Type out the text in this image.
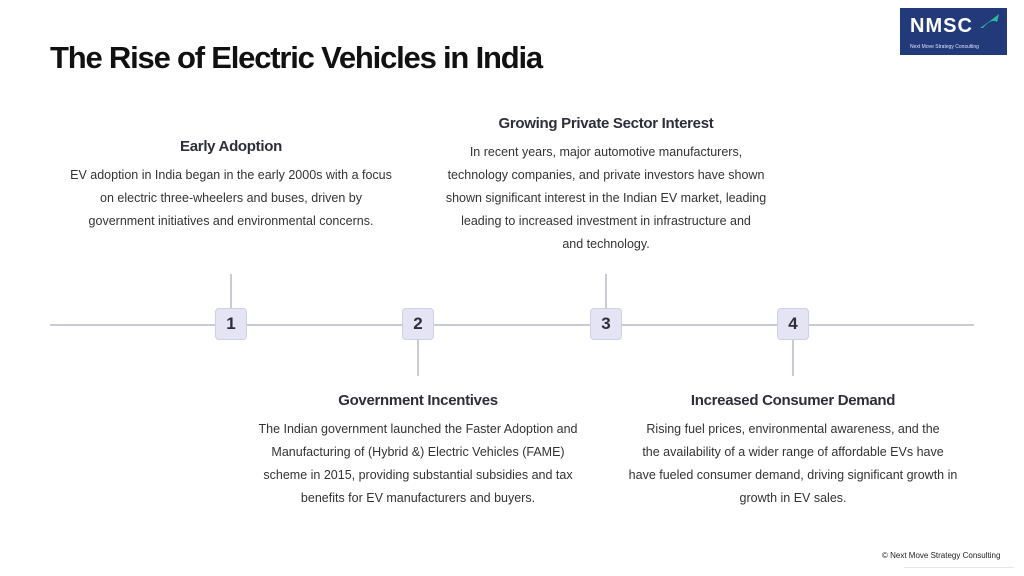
The Rise of Electric Vehicles in India
NMSC
Next Move Strategy Consulting
1	2	3	4
Early Adoption
EV adoption in India began in the early 2000s with a focus
on electric three-wheelers and buses, driven by
government initiatives and environmental concerns.
Growing Private Sector Interest
In recent years, major automotive manufacturers,
technology companies, and private investors have shown
shown significant interest in the Indian EV market, leading
leading to increased investment in infrastructure and
and technology.
Government Incentives
The Indian government launched the Faster Adoption and
Manufacturing of (Hybrid &) Electric Vehicles (FAME)
scheme in 2015, providing substantial subsidies and tax
benefits for EV manufacturers and buyers.
Increased Consumer Demand
Rising fuel prices, environmental awareness, and the
the availability of a wider range of affordable EVs have
have fueled consumer demand, driving significant growth in
growth in EV sales.
© Next Move Strategy Consulting
